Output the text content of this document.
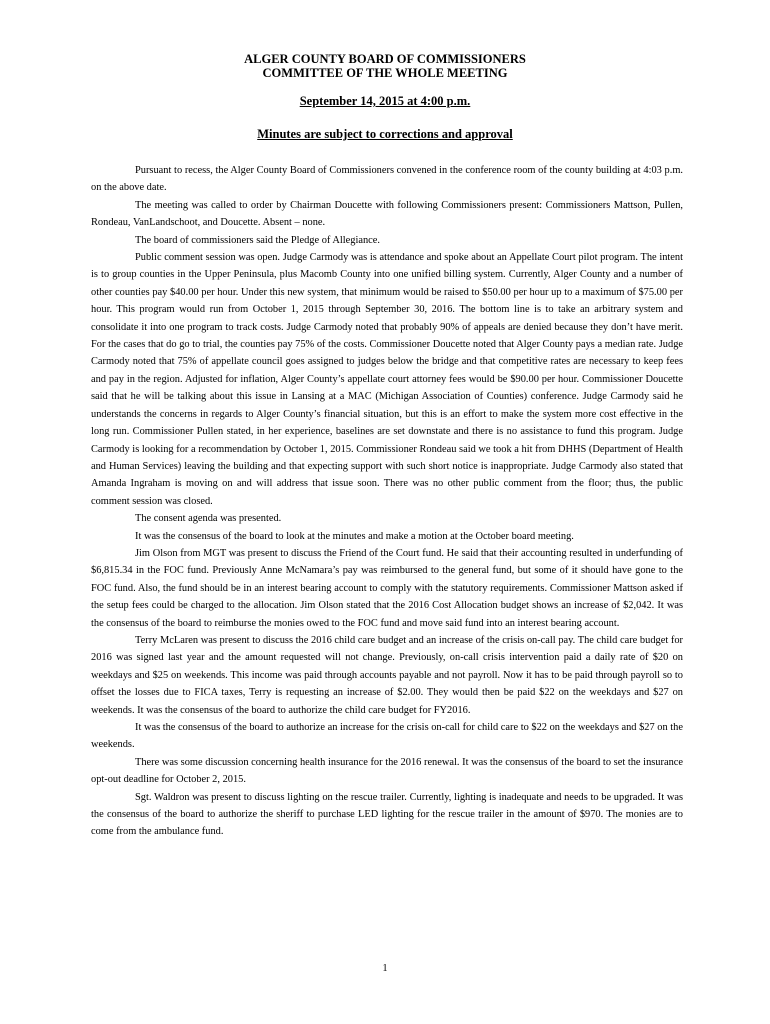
ALGER COUNTY BOARD OF COMMISSIONERS
COMMITTEE OF THE WHOLE MEETING
September 14, 2015 at 4:00 p.m.
Minutes are subject to corrections and approval

Pursuant to recess, the Alger County Board of Commissioners convened in the conference room of the county building at 4:03 p.m. on the above date.

The meeting was called to order by Chairman Doucette with following Commissioners present: Commissioners Mattson, Pullen, Rondeau, VanLandschoot, and Doucette. Absent – none.

The board of commissioners said the Pledge of Allegiance.

Public comment session was open. Judge Carmody was is attendance and spoke about an Appellate Court pilot program. The intent is to group counties in the Upper Peninsula, plus Macomb County into one unified billing system. Currently, Alger County and a number of other counties pay $40.00 per hour. Under this new system, that minimum would be raised to $50.00 per hour up to a maximum of $75.00 per hour. This program would run from October 1, 2015 through September 30, 2016. The bottom line is to take an arbitrary system and consolidate it into one program to track costs. Judge Carmody noted that probably 90% of appeals are denied because they don’t have merit. For the cases that do go to trial, the counties pay 75% of the costs. Commissioner Doucette noted that Alger County pays a median rate. Judge Carmody noted that 75% of appellate council goes assigned to judges below the bridge and that competitive rates are necessary to keep fees and pay in the region. Adjusted for inflation, Alger County’s appellate court attorney fees would be $90.00 per hour. Commissioner Doucette said that he will be talking about this issue in Lansing at a MAC (Michigan Association of Counties) conference. Judge Carmody said he understands the concerns in regards to Alger County’s financial situation, but this is an effort to make the system more cost effective in the long run. Commissioner Pullen stated, in her experience, baselines are set downstate and there is no assistance to fund this program. Judge Carmody is looking for a recommendation by October 1, 2015. Commissioner Rondeau said we took a hit from DHHS (Department of Health and Human Services) leaving the building and that expecting support with such short notice is inappropriate. Judge Carmody also stated that Amanda Ingraham is moving on and will address that issue soon. There was no other public comment from the floor; thus, the public comment session was closed.

The consent agenda was presented.

It was the consensus of the board to look at the minutes and make a motion at the October board meeting.

Jim Olson from MGT was present to discuss the Friend of the Court fund. He said that their accounting resulted in underfunding of $6,815.34 in the FOC fund. Previously Anne McNamara’s pay was reimbursed to the general fund, but some of it should have gone to the FOC fund. Also, the fund should be in an interest bearing account to comply with the statutory requirements. Commissioner Mattson asked if the setup fees could be charged to the allocation. Jim Olson stated that the 2016 Cost Allocation budget shows an increase of $2,042. It was the consensus of the board to reimburse the monies owed to the FOC fund and move said fund into an interest bearing account.

Terry McLaren was present to discuss the 2016 child care budget and an increase of the crisis on-call pay. The child care budget for 2016 was signed last year and the amount requested will not change. Previously, on-call crisis intervention paid a daily rate of $20 on weekdays and $25 on weekends. This income was paid through accounts payable and not payroll. Now it has to be paid through payroll so to offset the losses due to FICA taxes, Terry is requesting an increase of $2.00. They would then be paid $22 on the weekdays and $27 on weekends. It was the consensus of the board to authorize the child care budget for FY2016.

It was the consensus of the board to authorize an increase for the crisis on-call for child care to $22 on the weekdays and $27 on the weekends.

There was some discussion concerning health insurance for the 2016 renewal. It was the consensus of the board to set the insurance opt-out deadline for October 2, 2015.

Sgt. Waldron was present to discuss lighting on the rescue trailer. Currently, lighting is inadequate and needs to be upgraded. It was the consensus of the board to authorize the sheriff to purchase LED lighting for the rescue trailer in the amount of $970. The monies are to come from the ambulance fund.

1
